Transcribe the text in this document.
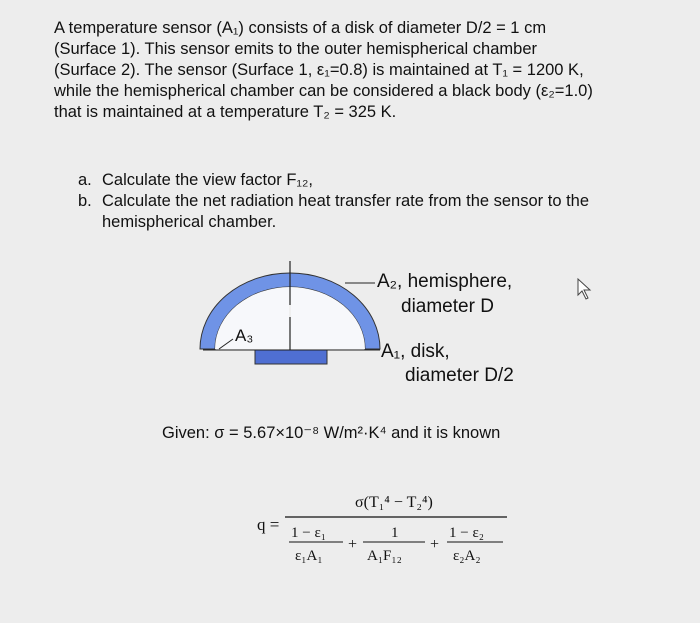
A temperature sensor (A₁) consists of a disk of diameter D/2 = 1 cm
(Surface 1). This sensor emits to the outer hemispherical chamber
(Surface 2). The sensor (Surface 1, ε₁=0.8) is maintained at T₁ = 1200 K,
while the hemispherical chamber can be considered a black body (ε₂=1.0)
that is maintained at a temperature T₂ = 325 K.
a. Calculate the view factor F₁₂,
b. Calculate the net radiation heat transfer rate from the sensor to the hemispherical chamber.
A₃
A₂, hemisphere,
diameter D
A₁, disk,
diameter D/2
Given: σ = 5.67×10⁻⁸ W/m²·K⁴ and it is known
q =
σ(T₁⁴ − T₂⁴)
1 − ε₁
ε₁A₁
+
1
A₁F₁₂
+
1 − ε₂
ε₂A₂
